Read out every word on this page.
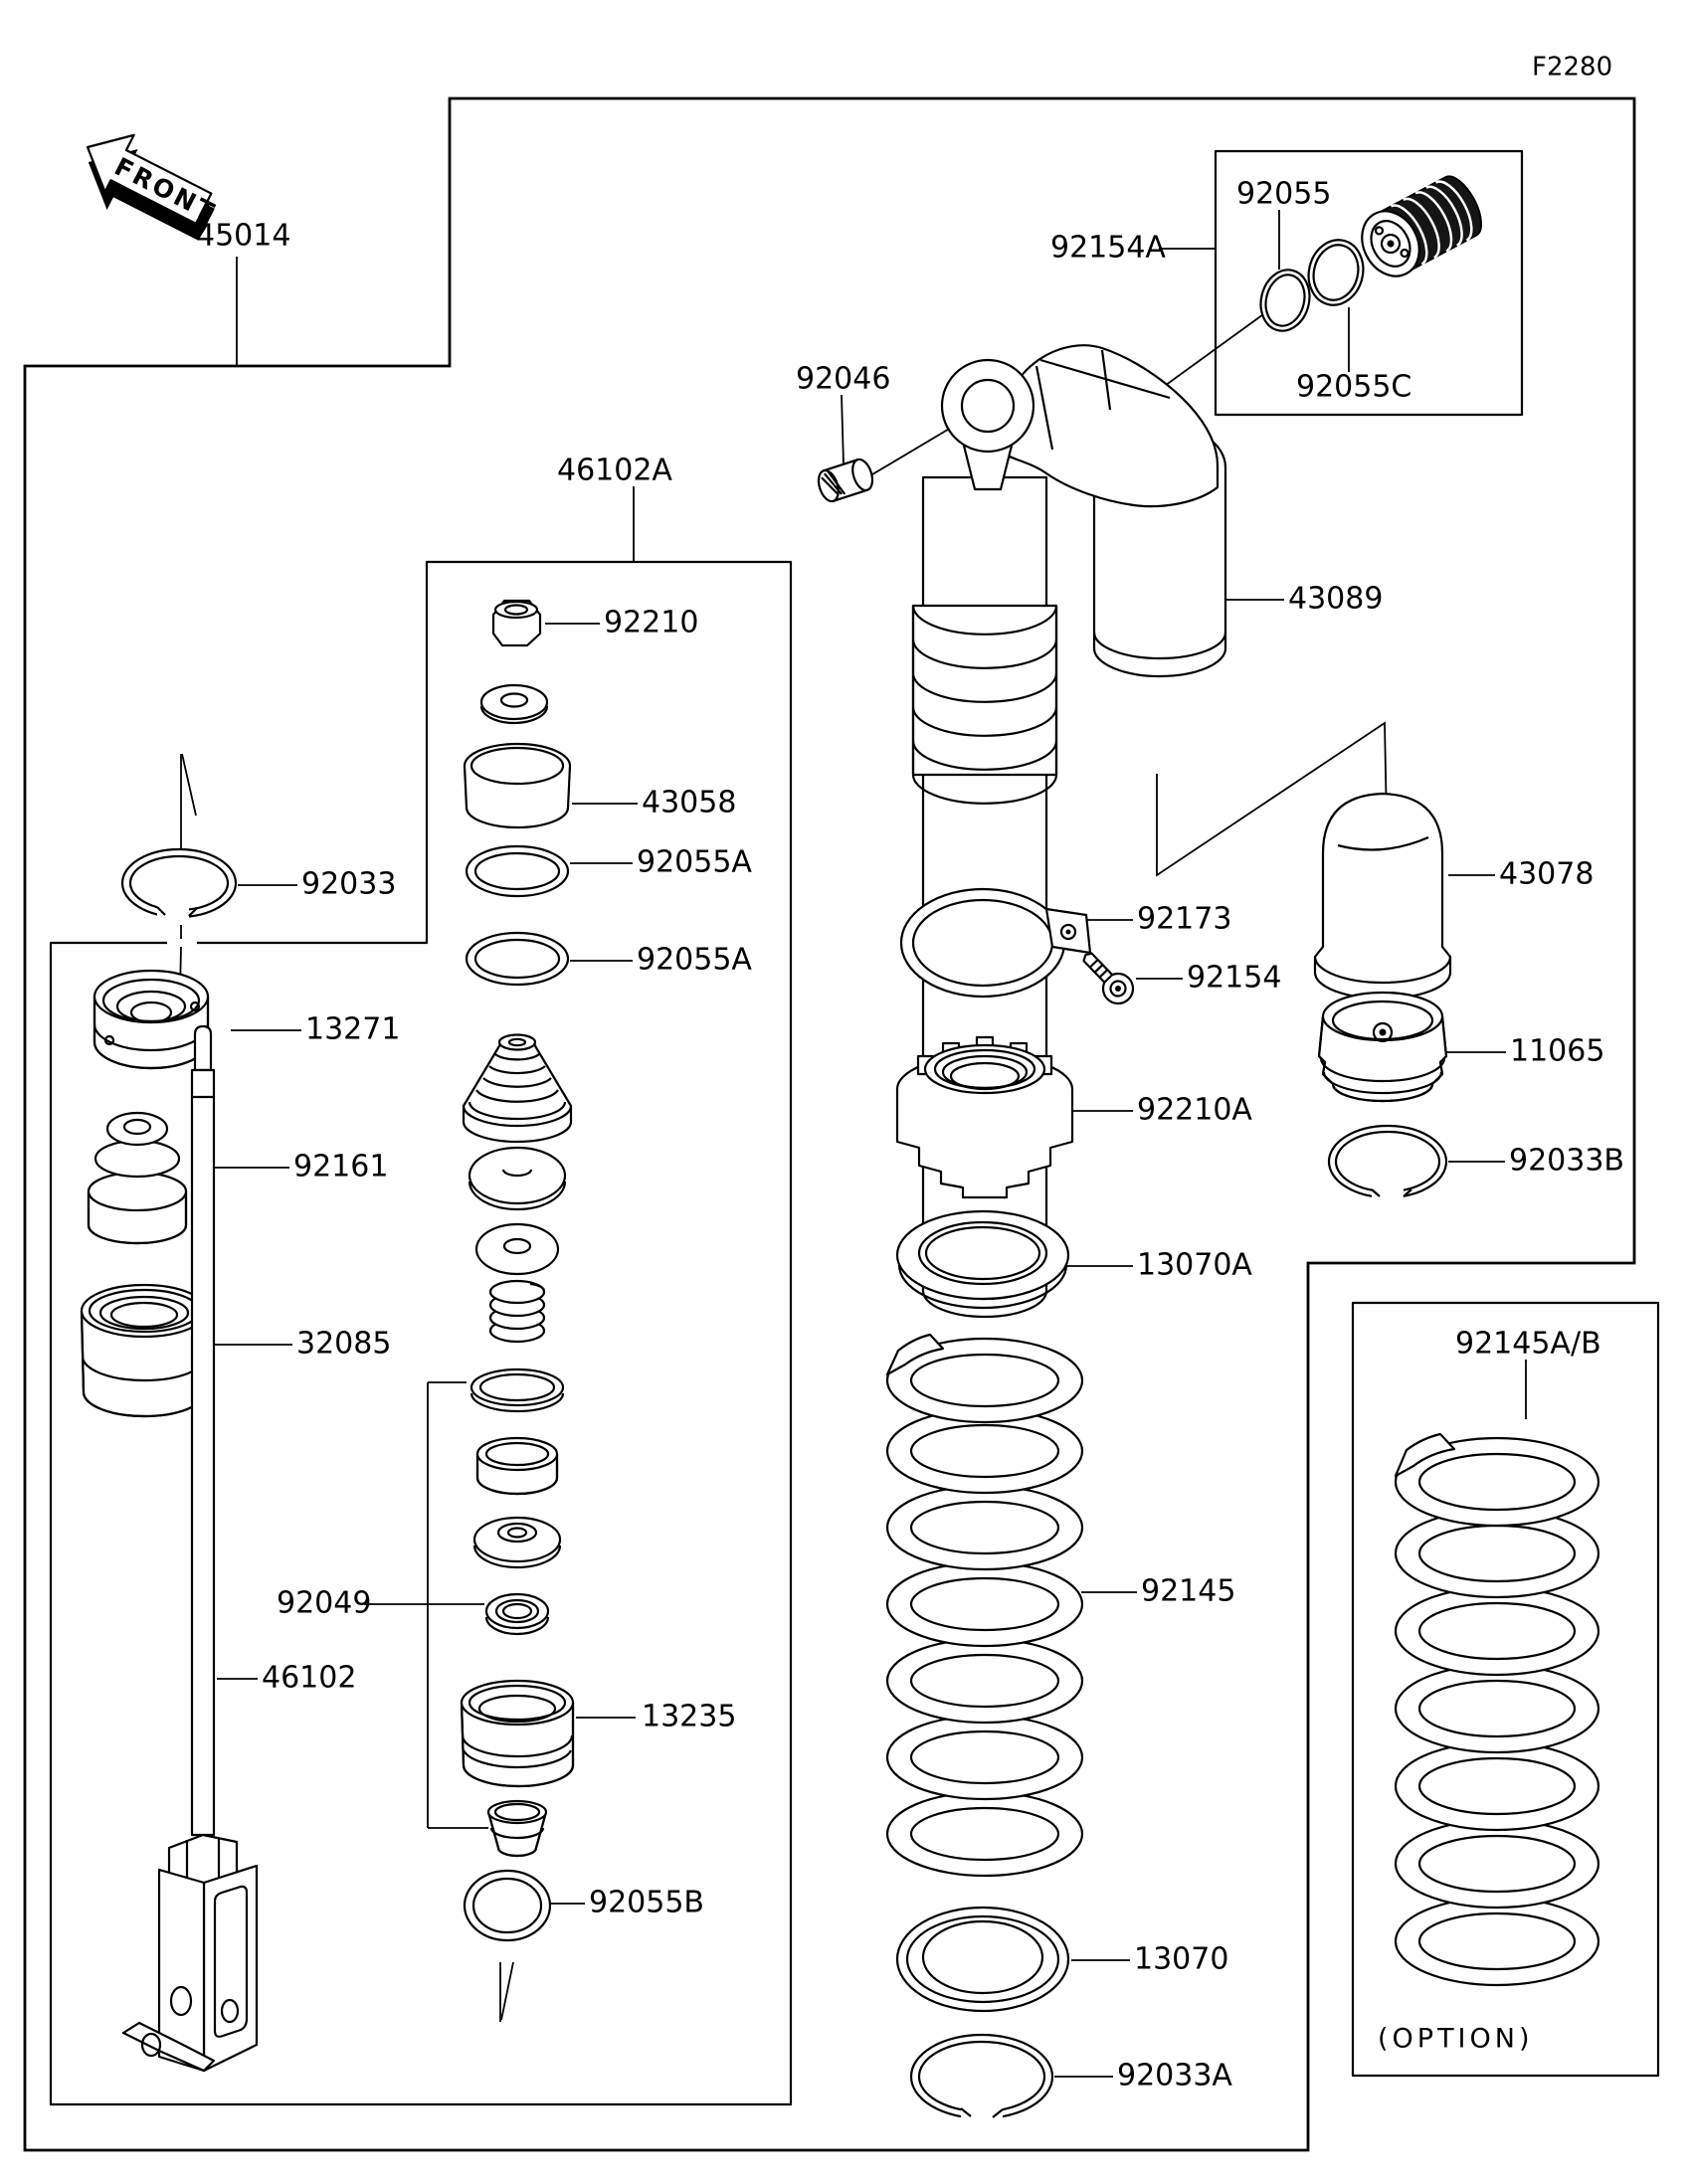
FRONT
F2280
45014	92154A
92055
92055C
92046
46102A
43089
92210
43058
92055A
92055A
92033
13271
92161
32085
92173
92154
92210A
13070A
43078
11065
92033B
92145A/B
92049
46102
92145
13235
92055B
13070
92033A
(OPTION)
